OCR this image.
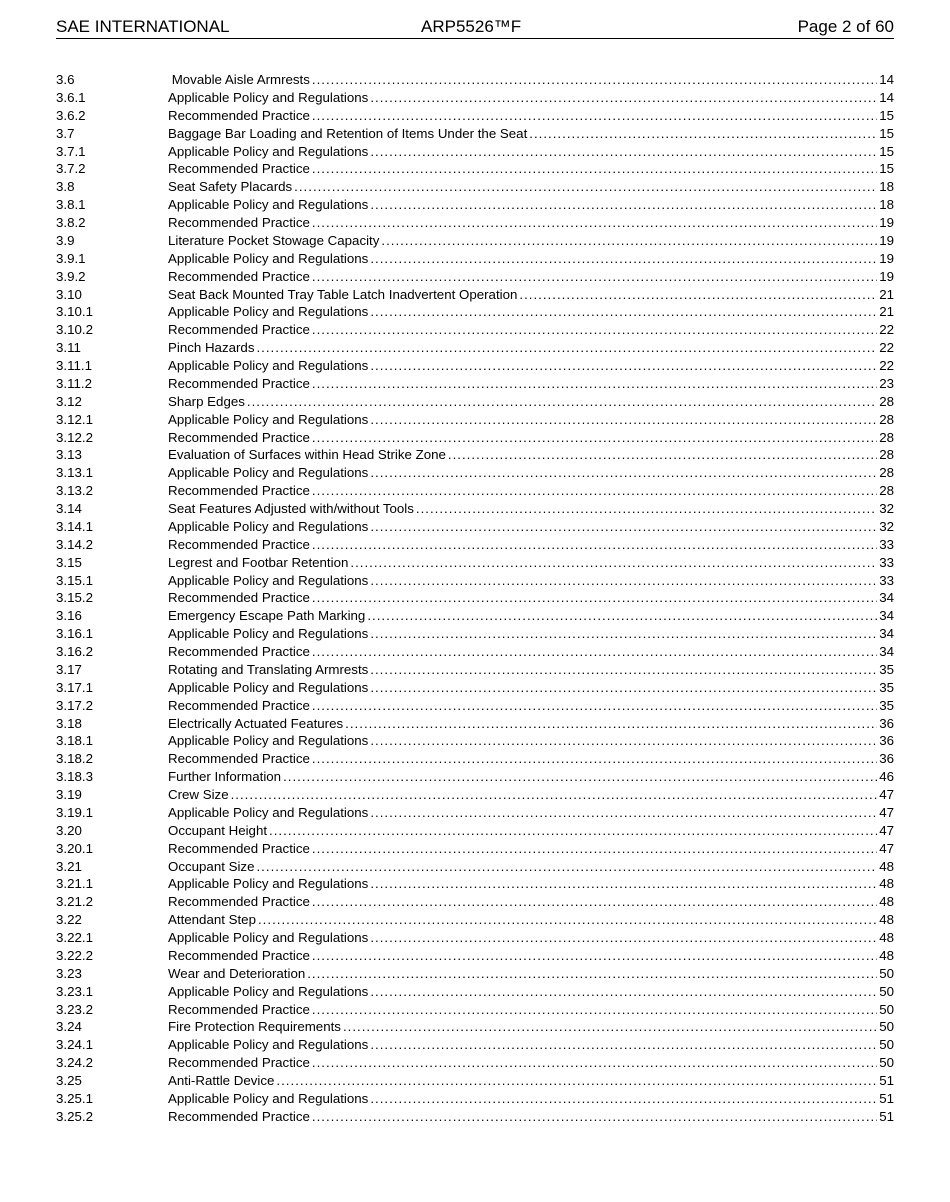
SAE INTERNATIONAL	ARP5526™F	Page 2 of 60
3.6	Movable Aisle Armrests .....	14
3.6.1	Applicable Policy and Regulations .....	14
3.6.2	Recommended Practice .....	15
3.7	Baggage Bar Loading and Retention of Items Under the Seat .....	15
3.7.1	Applicable Policy and Regulations .....	15
3.7.2	Recommended Practice .....	15
3.8	Seat Safety Placards .....	18
3.8.1	Applicable Policy and Regulations .....	18
3.8.2	Recommended Practice .....	19
3.9	Literature Pocket Stowage Capacity .....	19
3.9.1	Applicable Policy and Regulations .....	19
3.9.2	Recommended Practice .....	19
3.10	Seat Back Mounted Tray Table Latch Inadvertent Operation .....	21
3.10.1	Applicable Policy and Regulations .....	21
3.10.2	Recommended Practice .....	22
3.11	Pinch Hazards .....	22
3.11.1	Applicable Policy and Regulations .....	22
3.11.2	Recommended Practice .....	23
3.12	Sharp Edges .....	28
3.12.1	Applicable Policy and Regulations .....	28
3.12.2	Recommended Practice .....	28
3.13	Evaluation of Surfaces within Head Strike Zone .....	28
3.13.1	Applicable Policy and Regulations .....	28
3.13.2	Recommended Practice .....	28
3.14	Seat Features Adjusted with/without Tools .....	32
3.14.1	Applicable Policy and Regulations .....	32
3.14.2	Recommended Practice .....	33
3.15	Legrest and Footbar Retention .....	33
3.15.1	Applicable Policy and Regulations .....	33
3.15.2	Recommended Practice .....	34
3.16	Emergency Escape Path Marking .....	34
3.16.1	Applicable Policy and Regulations .....	34
3.16.2	Recommended Practice .....	34
3.17	Rotating and Translating Armrests .....	35
3.17.1	Applicable Policy and Regulations .....	35
3.17.2	Recommended Practice .....	35
3.18	Electrically Actuated Features .....	36
3.18.1	Applicable Policy and Regulations .....	36
3.18.2	Recommended Practice .....	36
3.18.3	Further Information .....	46
3.19	Crew Size .....	47
3.19.1	Applicable Policy and Regulations .....	47
3.20	Occupant Height .....	47
3.20.1	Recommended Practice .....	47
3.21	Occupant Size .....	48
3.21.1	Applicable Policy and Regulations .....	48
3.21.2	Recommended Practice .....	48
3.22	Attendant Step .....	48
3.22.1	Applicable Policy and Regulations .....	48
3.22.2	Recommended Practice .....	48
3.23	Wear and Deterioration .....	50
3.23.1	Applicable Policy and Regulations .....	50
3.23.2	Recommended Practice .....	50
3.24	Fire Protection Requirements .....	50
3.24.1	Applicable Policy and Regulations .....	50
3.24.2	Recommended Practice .....	50
3.25	Anti-Rattle Device .....	51
3.25.1	Applicable Policy and Regulations .....	51
3.25.2	Recommended Practice .....	51
